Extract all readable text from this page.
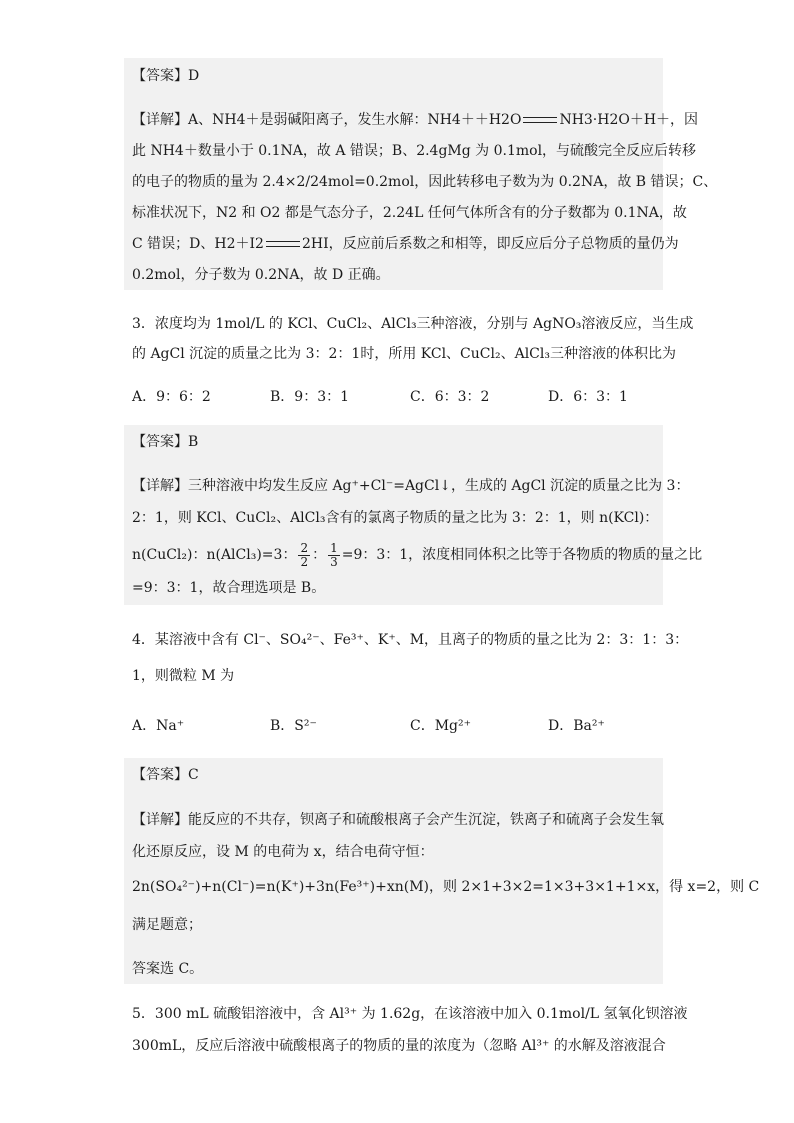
【答案】D
【详解】A、NH4＋是弱碱阳离子，发生水解：NH4＋＋H2O	NH3·H2O＋H＋，因
此 NH4＋数量小于 0.1NA，故 A 错误；B、2.4gMg 为 0.1mol，与硫酸完全反应后转移
的电子的物质的量为 2.4×2/24mol=0.2mol，因此转移电子数为为 0.2NA，故 B 错误；C、
标准状况下，N2 和 O2 都是气态分子，2.24L 任何气体所含有的分子数都为 0.1NA，故
C 错误；D、H2＋I2	2HI，反应前后系数之和相等，即反应后分子总物质的量仍为
0.2mol，分子数为 0.2NA，故 D 正确。
3．浓度均为 1mol/L 的 KCl、CuCl₂、AlCl₃三种溶液，分别与 AgNO₃溶液反应，当生成
的 AgCl 沉淀的质量之比为 3：2：1时，所用 KCl、CuCl₂、AlCl₃三种溶液的体积比为
A．9：6：2	B．9：3：1	C．6：3：2	D．6：3：1
【答案】B
【详解】三种溶液中均发生反应 Ag⁺+Cl⁻=AgCl↓，生成的 AgCl 沉淀的质量之比为 3：
2：1，则 KCl、CuCl₂、AlCl₃含有的氯离子物质的量之比为 3：2：1，则 n(KCl)：
n(CuCl₂)：n(AlCl₃)=3： $\frac{2}{2}$ ： $\frac{1}{3} =9$：3：1，浓度相同体积之比等于各物质的物质的量之比
=9：3：1，故合理选项是 B。
4．某溶液中含有 Cl⁻、SO₄²⁻、Fe³⁺、K⁺、M，且离子的物质的量之比为 2：3：1：3：
1，则微粒 M 为
A．Na⁺	B．S²⁻	C．Mg²⁺	D．Ba²⁺
【答案】C
【详解】能反应的不共存，钡离子和硫酸根离子会产生沉淀，铁离子和硫离子会发生氧
化还原反应，设 M 的电荷为 x，结合电荷守恒：
2n(SO₄²⁻)+n(Cl⁻)=n(K⁺)+3n(Fe³⁺)+xn(M)，则 2×1+3×2=1×3+3×1+1×x，得 x=2，则 C
满足题意；
答案选 C。
5．300 mL 硫酸铝溶液中，含 Al³⁺ 为 1.62g，在该溶液中加入 0.1mol/L 氢氧化钡溶液
300mL，反应后溶液中硫酸根离子的物质的量的浓度为（忽略 Al³⁺ 的水解及溶液混合
